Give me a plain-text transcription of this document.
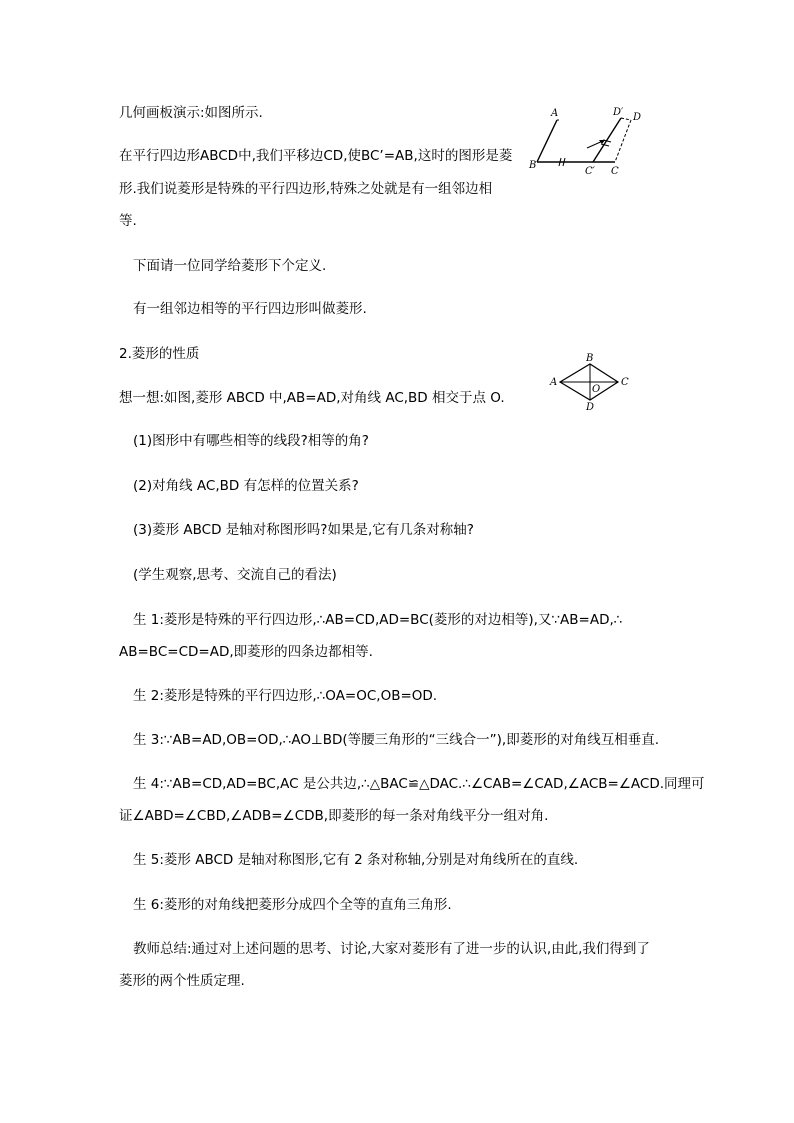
几何画板演示:如图所示.

在平行四边形ABCD中,我们平移边CD,使BC’=AB,这时的图形是菱

形.我们说菱形是特殊的平行四边形,特殊之处就是有一组邻边相

等.

下面请一位同学给菱形下个定义.

有一组邻边相等的平行四边形叫做菱形.

A	D′ D
B
C′ C

2.菱形的性质

A
B
C
D
O

想一想:如图,菱形 ABCD 中,AB=AD,对角线 AC,BD 相交于点 O.

(1)图形中有哪些相等的线段?相等的角?

(2)对角线 AC,BD 有怎样的位置关系?

(3)菱形 ABCD 是轴对称图形吗?如果是,它有几条对称轴?

(学生观察,思考、交流自己的看法)

生 1:菱形是特殊的平行四边形,∴AB=CD,AD=BC(菱形的对边相等),又∵AB=AD,∴

AB=BC=CD=AD,即菱形的四条边都相等.

生 2:菱形是特殊的平行四边形,∴OA=OC,OB=OD.

生 3:∵AB=AD,OB=OD,∴AO⊥BD(等腰三角形的“三线合一”),即菱形的对角线互相垂直.

生 4:∵AB=CD,AD=BC,AC 是公共边,∴△BAC≌△DAC.∴∠CAB=∠CAD,∠ACB=∠ACD.同理可

证∠ABD=∠CBD,∠ADB=∠CDB,即菱形的每一条对角线平分一组对角.

生 5:菱形 ABCD 是轴对称图形,它有 2 条对称轴,分别是对角线所在的直线.

生 6:菱形的对角线把菱形分成四个全等的直角三角形.

教师总结:通过对上述问题的思考、讨论,大家对菱形有了进一步的认识,由此,我们得到了

菱形的两个性质定理.
